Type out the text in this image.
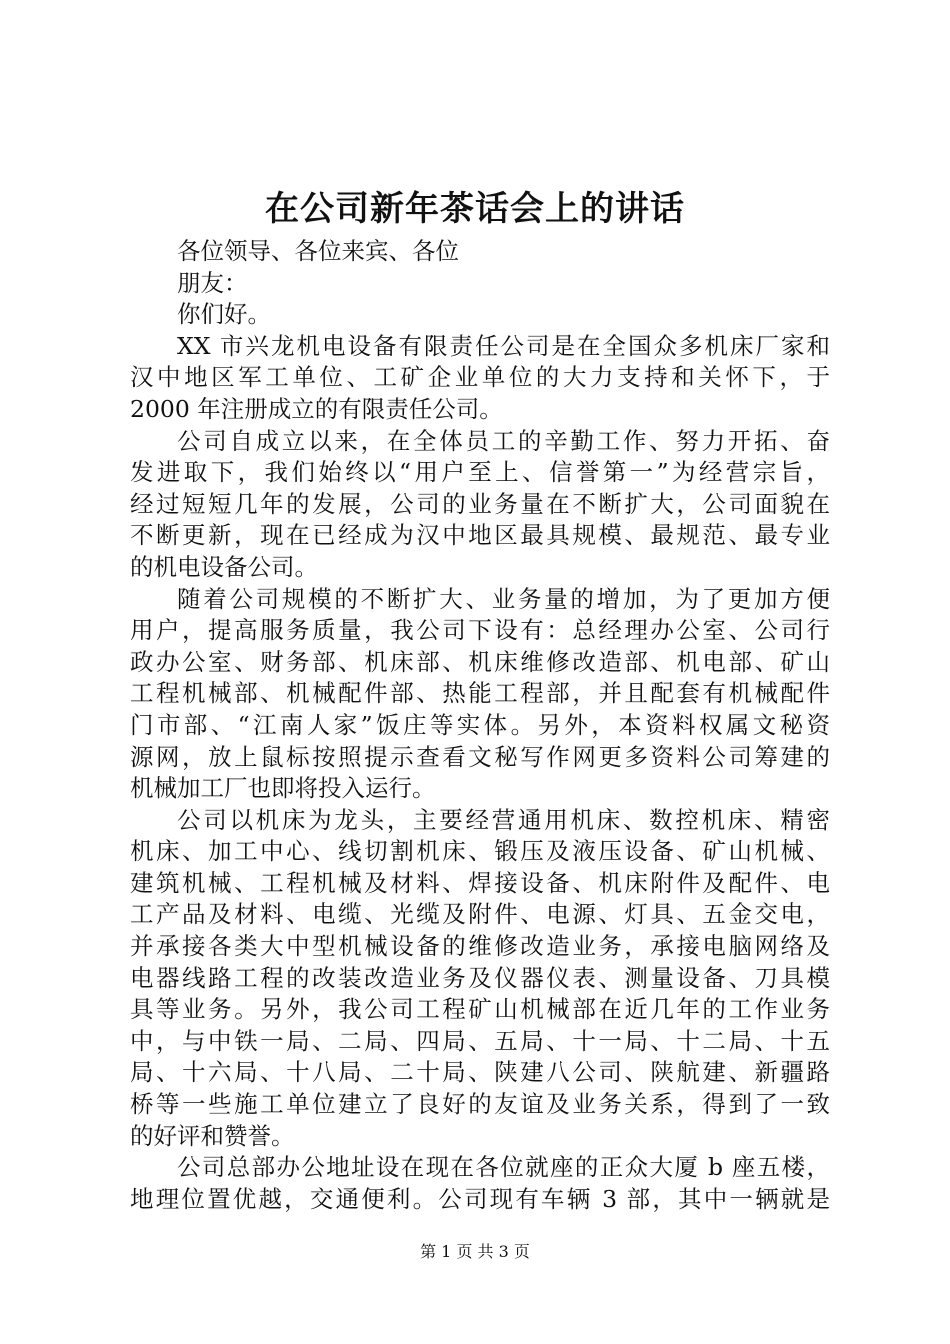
在公司新年茶话会上的讲话
各位领导、各位来宾、各位
朋友：
你们好。
XX 市兴龙机电设备有限责任公司是在全国众多机床厂家和
汉中地区军工单位、工矿企业单位的大力支持和关怀下，于
2000 年注册成立的有限责任公司。
公司自成立以来，在全体员工的辛勤工作、努力开拓、奋
发进取下，我们始终以“用户至上、信誉第一”为经营宗旨，
经过短短几年的发展，公司的业务量在不断扩大，公司面貌在
不断更新，现在已经成为汉中地区最具规模、最规范、最专业
的机电设备公司。
随着公司规模的不断扩大、业务量的增加，为了更加方便
用户，提高服务质量，我公司下设有：总经理办公室、公司行
政办公室、财务部、机床部、机床维修改造部、机电部、矿山
工程机械部、机械配件部、热能工程部，并且配套有机械配件
门市部、“江南人家”饭庄等实体。另外，本资料权属文秘资
源网，放上鼠标按照提示查看文秘写作网更多资料公司筹建的
机械加工厂也即将投入运行。
公司以机床为龙头，主要经营通用机床、数控机床、精密
机床、加工中心、线切割机床、锻压及液压设备、矿山机械、
建筑机械、工程机械及材料、焊接设备、机床附件及配件、电
工产品及材料、电缆、光缆及附件、电源、灯具、五金交电，
并承接各类大中型机械设备的维修改造业务，承接电脑网络及
电器线路工程的改装改造业务及仪器仪表、测量设备、刀具模
具等业务。另外，我公司工程矿山机械部在近几年的工作业务
中，与中铁一局、二局、四局、五局、十一局、十二局、十五
局、十六局、十八局、二十局、陕建八公司、陕航建、新疆路
桥等一些施工单位建立了良好的友谊及业务关系，得到了一致
的好评和赞誉。
公司总部办公地址设在现在各位就座的正众大厦 b 座五楼，
地理位置优越，交通便利。公司现有车辆 3 部，其中一辆就是
第 1 页 共 3 页
